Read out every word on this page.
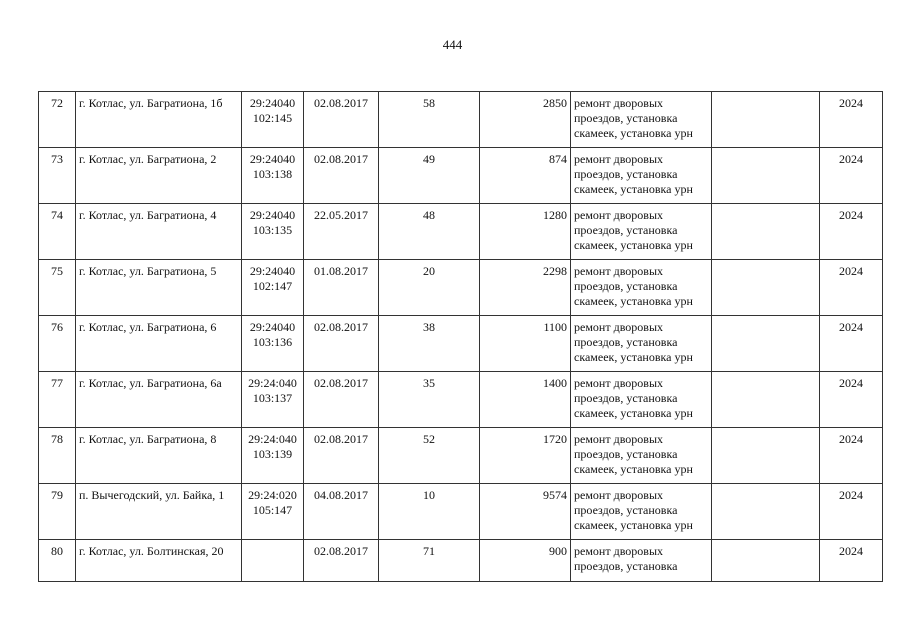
444
72	г. Котлас, ул. Багратиона, 1б	29:24040
102:145	02.08.2017	58	2850	ремонт дворовых
проездов, установка
скамеек, установка урн		2024
73	г. Котлас, ул. Багратиона, 2	29:24040
103:138	02.08.2017	49	874	ремонт дворовых
проездов, установка
скамеек, установка урн		2024
74	г. Котлас, ул. Багратиона, 4	29:24040
103:135	22.05.2017	48	1280	ремонт дворовых
проездов, установка
скамеек, установка урн		2024
75	г. Котлас, ул. Багратиона, 5	29:24040
102:147	01.08.2017	20	2298	ремонт дворовых
проездов, установка
скамеек, установка урн		2024
76	г. Котлас, ул. Багратиона, 6	29:24040
103:136	02.08.2017	38	1100	ремонт дворовых
проездов, установка
скамеек, установка урн		2024
77	г. Котлас, ул. Багратиона, 6а	29:24:040
103:137	02.08.2017	35	1400	ремонт дворовых
проездов, установка
скамеек, установка урн		2024
78	г. Котлас, ул. Багратиона, 8	29:24:040
103:139	02.08.2017	52	1720	ремонт дворовых
проездов, установка
скамеек, установка урн		2024
79	п. Вычегодский, ул. Байка, 1	29:24:020
105:147	04.08.2017	10	9574	ремонт дворовых
проездов, установка
скамеек, установка урн		2024
80	г. Котлас, ул. Болтинская, 20		02.08.2017	71	900	ремонт дворовых
проездов, установка		2024
